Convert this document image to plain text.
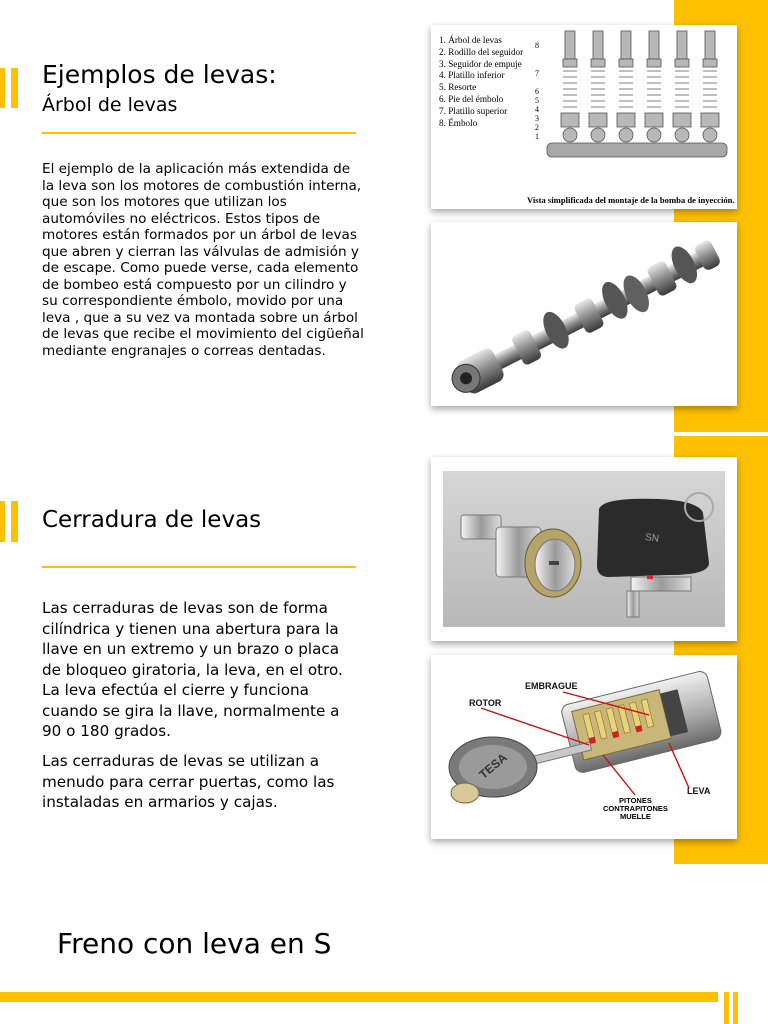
Ejemplos de levas:
Árbol de levas

El ejemplo de la aplicación más extendida de la leva son los motores de combustión interna, que son los motores que utilizan los automóviles no eléctricos. Estos tipos de motores están formados por un árbol de levas que abren y cierran las válvulas de admisión y de escape. Como puede verse, cada elemento de bombeo está compuesto por un cilindro y su correspondiente émbolo, movido por una leva , que a su vez va montada sobre un árbol de levas que recibe el movimiento del cigüeñal mediante engranajes o correas dentadas.

1. Árbol de levas
2. Rodillo del seguidor
3. Seguidor de empuje
4. Platillo inferior
5. Resorte
6. Pie del émbolo
7. Platillo superior
8. Émbolo
8
7
6
5
4
3
2
1
Vista simplificada del montaje de la bomba de inyección.
Cerradura de levas

Las cerraduras de levas son de forma cilíndrica y tienen una abertura para la llave en un extremo y un brazo o placa de bloqueo giratoria, la leva, en el otro. La leva efectúa el cierre y funciona cuando se gira la llave, normalmente a 90 o 180 grados.

Las cerraduras de levas se utilizan a menudo para cerrar puertas, como las instaladas en armarios y cajas.

SN
EMBRAGUE
ROTOR
LEVA
PITONES
CONTRAPITONES
MUELLE
TESA
Freno con leva en S
